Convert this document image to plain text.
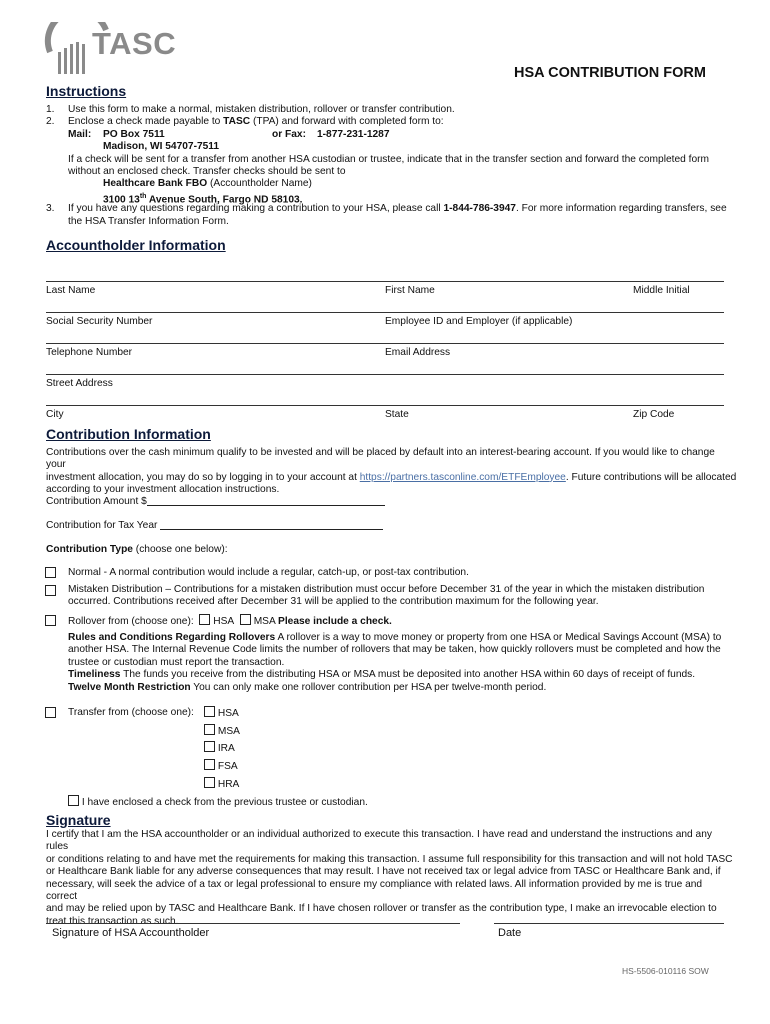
TASC
HSA CONTRIBUTION FORM
Instructions
1. Use this form to make a normal, mistaken distribution, rollover or transfer contribution.
2. Enclose a check made payable to TASC (TPA) and forward with completed form to:
Mail: PO Box 7511	or Fax: 1-877-231-1287
Madison, WI 54707-7511
If a check will be sent for a transfer from another HSA custodian or trustee, indicate that in the transfer section and forward the completed form
without an enclosed check. Transfer checks should be sent to
Healthcare Bank FBO (Accountholder Name)
3100 13th Avenue South, Fargo ND 58103.
3. If you have any questions regarding making a contribution to your HSA, please call 1-844-786-3947. For more information regarding transfers, see
the HSA Transfer Information Form.
Accountholder Information
Last Name	First Name	Middle Initial
Social Security Number	Employee ID and Employer (if applicable)
Telephone Number	Email Address
Street Address
City	State	Zip Code
Contribution Information
Contributions over the cash minimum qualify to be invested and will be placed by default into an interest-bearing account. If you would like to change your
investment allocation, you may do so by logging in to your account at https://partners.tasconline.com/ETFEmployee. Future contributions will be allocated
according to your investment allocation instructions.
Contribution Amount $
Contribution for Tax Year
Contribution Type (choose one below):
Normal - A normal contribution would include a regular, catch-up, or post-tax contribution.
Mistaken Distribution – Contributions for a mistaken distribution must occur before December 31 of the year in which the mistaken distribution
occurred. Contributions received after December 31 will be applied to the contribution maximum for the following year.
Rollover from (choose one): HSA MSA Please include a check.
Rules and Conditions Regarding Rollovers A rollover is a way to move money or property from one HSA or Medical Savings Account (MSA) to
another HSA. The Internal Revenue Code limits the number of rollovers that may be taken, how quickly rollovers must be completed and how the
trustee or custodian must report the transaction.
Timeliness The funds you receive from the distributing HSA or MSA must be deposited into another HSA within 60 days of receipt of funds.
Twelve Month Restriction You can only make one rollover contribution per HSA per twelve-month period.
Transfer from (choose one):	HSA
MSA
IRA
FSA
HRA
I have enclosed a check from the previous trustee or custodian.
Signature
I certify that I am the HSA accountholder or an individual authorized to execute this transaction. I have read and understand the instructions and any rules
or conditions relating to and have met the requirements for making this transaction. I assume full responsibility for this transaction and will not hold TASC
or Healthcare Bank liable for any adverse consequences that may result. I have not received tax or legal advice from TASC or Healthcare Bank and, if
necessary, will seek the advice of a tax or legal professional to ensure my compliance with related laws. All information provided by me is true and correct
and may be relied upon by TASC and Healthcare Bank. If I have chosen rollover or transfer as the contribution type, I make an irrevocable election to
treat this transaction as such.
Signature of HSA Accountholder	Date
HS-5506-010116 SOW
